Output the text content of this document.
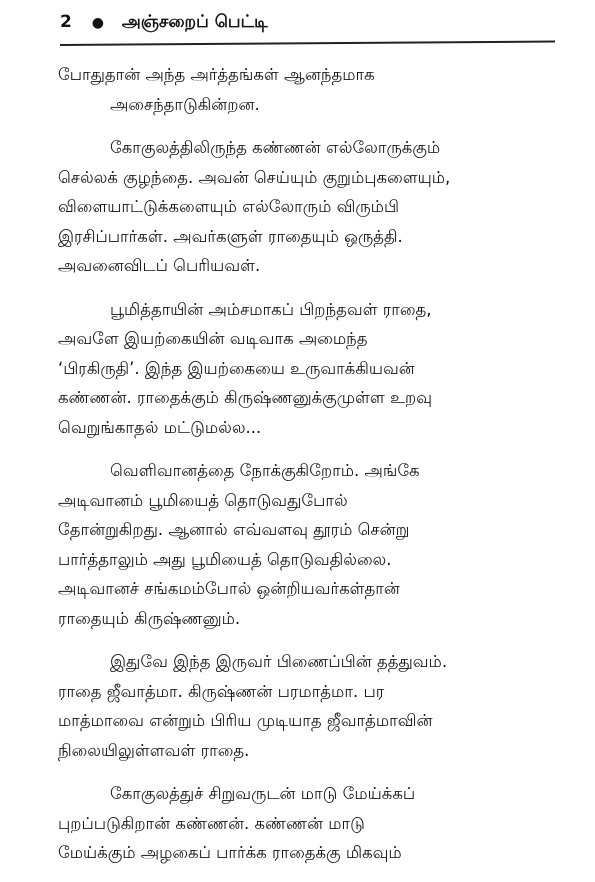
2 ● அஞ்சறைப் பெட்டி
போதுதான் அந்த அர்த்தங்கள் ஆனந்தமாக
அசைந்தாடுகின்றன.
கோகுலத்திலிருந்த கண்ணன் எல்லோருக்கும்
செல்லக் குழந்தை. அவன் செய்யும் குறும்புகளையும்,
விளையாட்டுக்களையும் எல்லோரும் விரும்பி
இரசிப்பார்கள். அவர்களுள் ராதையும் ஒருத்தி.
அவனைவிடப் பெரியவள்.
பூமித்தாயின் அம்சமாகப் பிறந்தவள் ராதை,
அவளே இயற்கையின் வடிவாக அமைந்த
‘பிரகிருதி’. இந்த இயற்கையை உருவாக்கியவன்
கண்ணன். ராதைக்கும் கிருஷ்ணனுக்குமுள்ள உறவு
வெறுங்காதல் மட்டுமல்ல...
வெளிவானத்தை நோக்குகிறோம். அங்கே
அடிவானம் பூமியைத் தொடுவதுபோல்
தோன்றுகிறது. ஆனால் எவ்வளவு தூரம் சென்று
பார்த்தாலும் அது பூமியைத் தொடுவதில்லை.
அடிவானச் சங்கமம்போல் ஒன்றியவர்கள்தான்
ராதையும் கிருஷ்ணனும்.
இதுவே இந்த இருவர் பிணைப்பின் தத்துவம்.
ராதை ஜீவாத்மா. கிருஷ்ணன் பரமாத்மா. பர
மாத்மாவை என்றும் பிரிய முடியாத ஜீவாத்மாவின்
நிலையிலுள்ளவள் ராதை.
கோகுலத்துச் சிறுவருடன் மாடு மேய்க்கப்
புறப்படுகிறான் கண்ணன். கண்ணன் மாடு
மேய்க்கும் அழகைப் பார்க்க ராதைக்கு மிகவும்
